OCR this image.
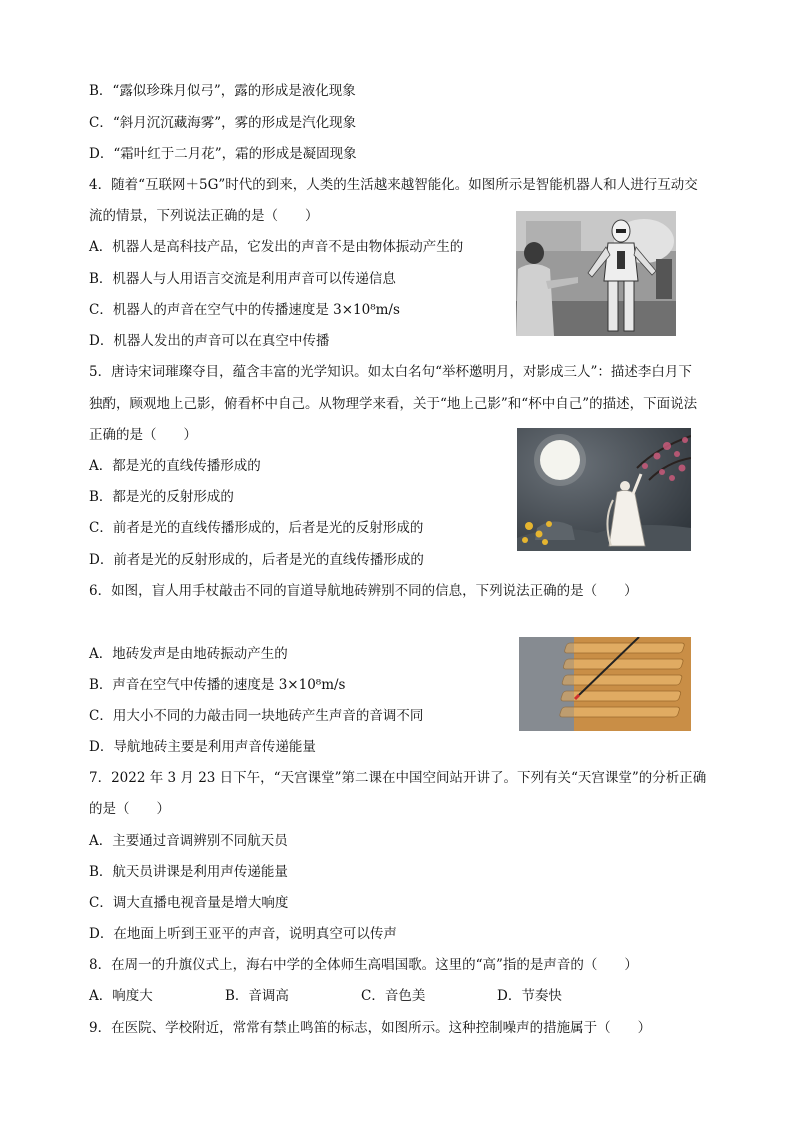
B．“露似珍珠月似弓”，露的形成是液化现象
C．“斜月沉沉藏海雾”，雾的形成是汽化现象
D．“霜叶红于二月花”，霜的形成是凝固现象
4．随着“互联网＋5G”时代的到来，人类的生活越来越智能化。如图所示是智能机器人和人进行互动交
流的情景，下列说法正确的是（　　）
A．机器人是高科技产品，它发出的声音不是由物体振动产生的
B．机器人与人用语言交流是利用声音可以传递信息
C．机器人的声音在空气中的传播速度是 3×10⁸m/s
D．机器人发出的声音可以在真空中传播
5．唐诗宋词璀璨夺目，蕴含丰富的光学知识。如太白名句“举杯邀明月，对影成三人”：描述李白月下
独酌，顾观地上己影，俯看杯中自己。从物理学来看，关于“地上己影”和“杯中自己”的描述，下面说法
正确的是（　　）
A．都是光的直线传播形成的
B．都是光的反射形成的
C．前者是光的直线传播形成的，后者是光的反射形成的
D．前者是光的反射形成的，后者是光的直线传播形成的
6．如图，盲人用手杖敲击不同的盲道导航地砖辨别不同的信息，下列说法正确的是（　　）
A．地砖发声是由地砖振动产生的
B．声音在空气中传播的速度是 3×10⁸m/s
C．用大小不同的力敲击同一块地砖产生声音的音调不同
D．导航地砖主要是利用声音传递能量
7．2022 年 3 月 23 日下午，“天宫课堂”第二课在中国空间站开讲了。下列有关“天宫课堂”的分析正确
的是（　　）
A．主要通过音调辨别不同航天员
B．航天员讲课是利用声传递能量
C．调大直播电视音量是增大响度
D．在地面上听到王亚平的声音，说明真空可以传声
8．在周一的升旗仪式上，海右中学的全体师生高唱国歌。这里的“高”指的是声音的（　　）
A．响度大	B．音调高	C．音色美	D．节奏快
9．在医院、学校附近，常常有禁止鸣笛的标志，如图所示。这种控制噪声的措施属于（　　）
